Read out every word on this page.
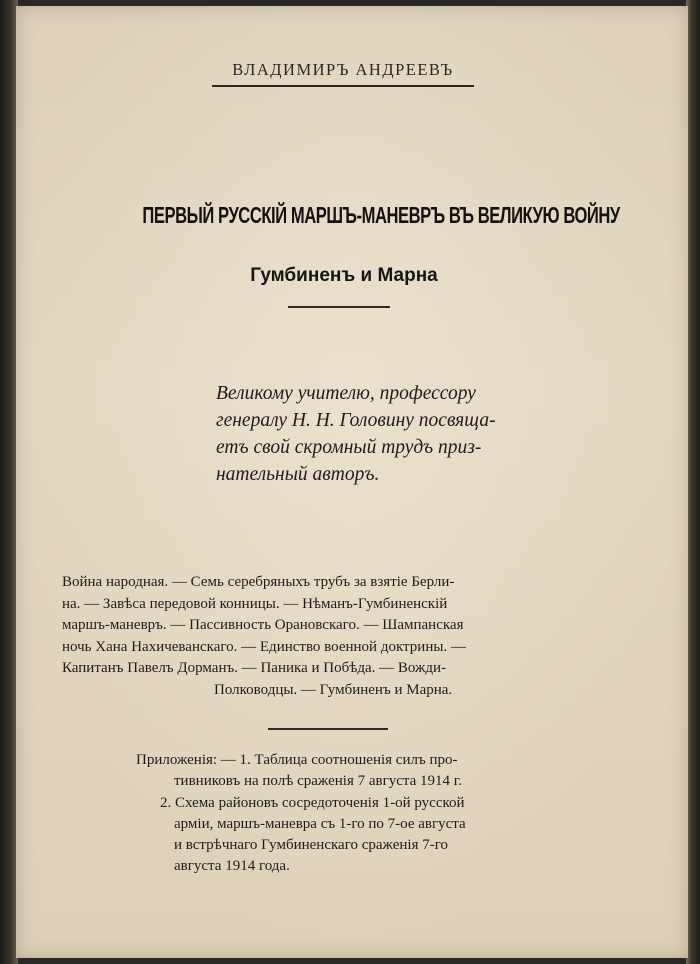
ВЛАДИМИРЪ АНДРЕЕВЪ
ПЕРВЫЙ РУССКІЙ МАРШЪ-МАНЕВРЪ ВЪ ВЕЛИКУЮ ВОЙНУ
Гумбиненъ и Марна
Великому учителю, профессору
генералу Н. Н. Головину посвяща-
етъ свой скромный трудъ приз-
нательный авторъ.
Война народная. — Семь серебряныхъ трубъ за взятіе Берли-
на. — Завѣса передовой конницы. — Нѣманъ-Гумбиненскій
маршъ-маневръ. — Пассивность Орановскаго. — Шампанская
ночь Хана Нахичеванскаго. — Единство военной доктрины. —
Капитанъ Павелъ Дорманъ. — Паника и Побѣда. — Вожди-
Полководцы. — Гумбиненъ и Марна.
Приложенія: — 1. Таблица соотношенія силъ про-
тивниковъ на полѣ сраженія 7 августа 1914 г.
2. Схема районовъ сосредоточенія 1-ой русской
арміи, маршъ-маневра съ 1-го по 7-ое августа
и встрѣчнаго Гумбиненскаго сраженія 7-го
августа 1914 года.
